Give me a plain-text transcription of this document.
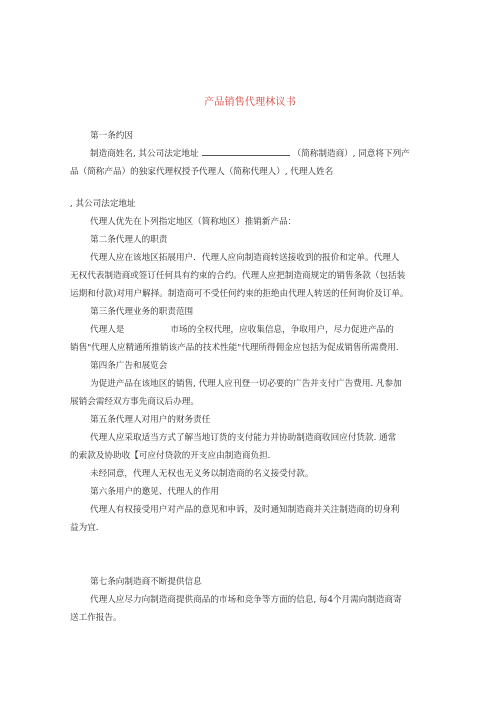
产品销售代理林议书
第一条约因
制造商姓名, 其公司法定地址	（简称制造商）, 同意将下列产
品（简称产品）的独家代理权授予代理人（简称代理人）, 代理人姓名
, 其公司法定地址
代理人优先在卜列指定地区（简称地区）推销新产品：
第二条代理人的职责
代理人应在该地区拓展用户．代理人应向制造商转送接收到的报价和定单。代理人
无权代表制造商或签订任何具有约束的合约。代理人应把制造商规定的销售条款（包括装
运期和付款)对用户解择。制造商可不受任何约束的拒绝由代理人转送的任何询价及订单。
第三条代理业务的职责范围
代理人是	市场的全权代理，应收集信息，争取用户，尽力促进产品的
销售"代理人应精通所推销该产品的技术性能"代理所得佣金应包括为促成销售所需费用.
第四条广告和展览会
为促进产品在该地区的销售, 代理人应刊登一切必要的广告并支付广告费用. 凡参加
展销会需经双方事先商议后办理。
第五条代理人对用户的财务责任
代理人应采取适当方式了解当地订货的支付能力并协助制造商收回应付货款. 通常
的索款及协助收【可应付贷款的开支应由制造商负担.
未经同意，代理人无权也无义务以制造商的名义接受付款。
第六条用户的邀见、代理人的作用
代理人有权接受用户对产品的意见和申诉，及时通知制造商并关注制造商的切身利
益为宜.
第七条向制造商不断提供信息
代理人应尽力向制造商提供商品的市场和竞争等方面的信息, 每4个月需向制造商寄
送工作报告。
